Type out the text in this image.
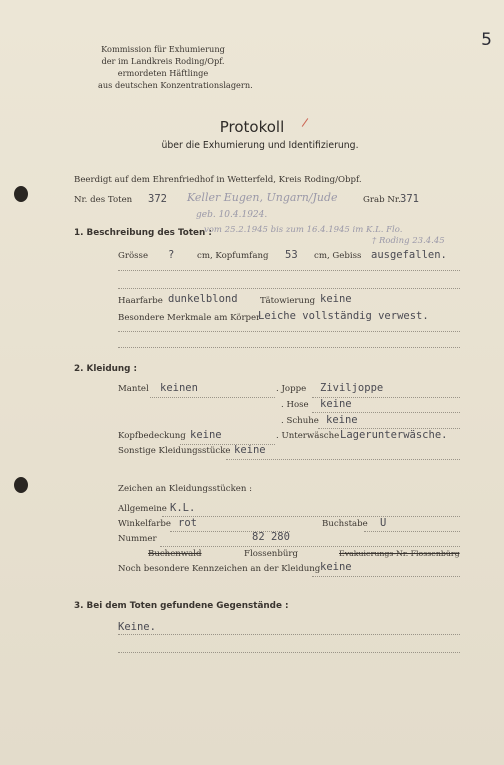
5
Kommission für Exhumierung
der im Landkreis Roding/Opf.
ermordeten Häftlinge
aus deutschen Konzentrationslagern.
Protokoll
über die Exhumierung und Identifizierung.
Beerdigt auf dem Ehrenfriedhof in Wetterfeld, Kreis Roding/Obpf.
Nr. des Toten 372 Keller Eugen, Ungarn/Jude	Grab Nr. 371
geb. 10.4.1924.
1. Beschreibung des Toten :
vom 25.2.1945 bis zum 16.4.1945 im K.L. Flo.
† Roding 23.4.45
Grösse ?	cm, Kopfumfang 53 cm, Gebiss ausgefallen.
Haarfarbe dunkelblond	Tätowierung keine
Besondere Merkmale am Körper
Leiche vollständig verwest.
2. Kleidung :
Mantel keinen	. Joppe Ziviljoppe
. Hose keine
. Schuhe keine
Kopfbedeckung keine	. Unterwäsche Lagerunterwäsche.
Sonstige Kleidungsstücke keine
Zeichen an Kleidungsstücken :
Allgemeine K.L.
Winkelfarbe rot	Buchstabe U
Nummer	82 280
Buchenwald	Flossenbürg	Evakuierungs-Nr. Flossenbürg
Noch besondere Kennzeichen an der Kleidung keine
3. Bei dem Toten gefundene Gegenstände :
Keine.
